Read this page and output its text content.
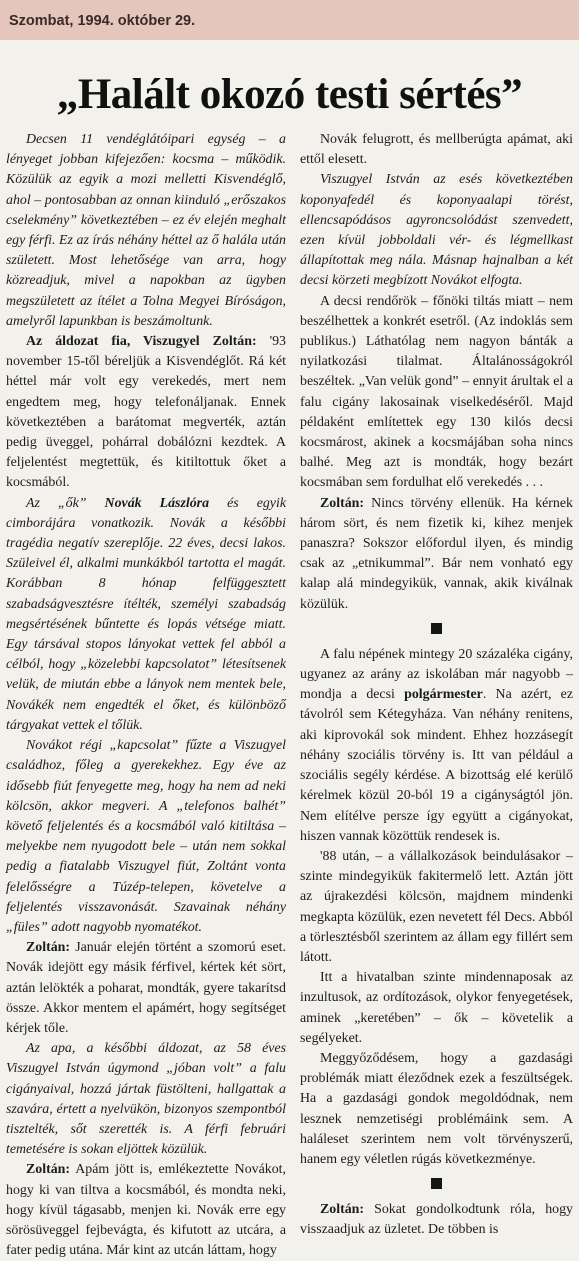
Szombat, 1994. október 29.
„Halált okozó testi sértés”

Decsen 11 vendéglátóipari egység – a lényeget jobban kifejezően: kocsma – működik. Közülük az egyik a mozi melletti Kisvendéglő, ahol – pontosabban az onnan kiinduló „erőszakos cselekmény” következtében – ez év elején meghalt egy férfi. Ez az írás néhány héttel az ő halála után született. Most lehetősége van arra, hogy közreadjuk, mivel a napokban az ügyben megszületett az ítélet a Tolna Megyei Bíróságon, amelyről lapunkban is beszámoltunk.

Az áldozat fia, Viszugyel Zoltán: '93 november 15-től béreljük a Kisvendéglőt. Rá két héttel már volt egy verekedés, mert nem engedtem meg, hogy telefonáljanak. Ennek következtében a barátomat megverték, aztán pedig üveggel, pohárral dobálózni kezdtek. A feljelentést megtettük, és kitiltottuk őket a kocsmából.

Az „ők” Novák Lászlóra és egyik cimborájára vonatkozik. Novák a későbbi tragédia negatív szereplője. 22 éves, decsi lakos. Szüleivel él, alkalmi munkákból tartotta el magát. Korábban 8 hónap felfüggesztett szabadságvesztésre ítélték, személyi szabadság megsértésének bűntette és lopás vétsége miatt. Egy társával stopos lányokat vettek fel abból a célból, hogy „közelebbi kapcsolatot” létesítsenek velük, de miután ebbe a lányok nem mentek bele, Novákék nem engedték el őket, és különböző tárgyakat vettek el tőlük.

Novákot régi „kapcsolat” fűzte a Viszugyel családhoz, főleg a gyerekekhez. Egy éve az idősebb fiút fenyegette meg, hogy ha nem ad neki kölcsön, akkor megveri. A „telefonos balhét” követő feljelentés és a kocsmából való kitiltása – melyekbe nem nyugodott bele – után nem sokkal pedig a fiatalabb Viszugyel fiút, Zoltánt vonta felelősségre a Túzép-telepen, követelve a feljelentés visszavonását. Szavainak néhány „füles” adott nagyobb nyomatékot.

Zoltán: Január elején történt a szomorú eset. Novák idejött egy másik férfivel, kértek két sört, aztán lelökték a poharat, mondták, gyere takarítsd össze. Akkor mentem el apámért, hogy segítséget kérjek tőle.

Az apa, a későbbi áldozat, az 58 éves Viszugyel István úgymond „jóban volt” a falu cigányaival, hozzá jártak füstölteni, hallgattak a szavára, értett a nyelvükön, bizonyos szempontból tisztelték, sőt szerették is. A férfi februári temetésére is sokan eljöttek közülük.

Zoltán: Apám jött is, emlékeztette Novákot, hogy ki van tiltva a kocsmából, és mondta neki, hogy kívül tágasabb, menjen ki. Novák erre egy sörösüveggel fejbevágta, és kifutott az utcára, a fater pedig utána. Már kint az utcán láttam, hogy

Novák felugrott, és mellberúgta apámat, aki ettől elesett.

Viszugyel István az esés következtében koponyafedél és koponyaalapi törést, ellencsapódásos agyroncsolódást szenvedett, ezen kívül jobboldali vér- és légmellkast állapítottak meg nála. Másnap hajnalban a két decsi körzeti megbízott Novákot elfogta.

A decsi rendőrök – főnöki tiltás miatt – nem beszélhettek a konkrét esetről. (Az indoklás sem publikus.) Láthatólag nem nagyon bánták a nyilatkozási tilalmat. Általánosságokról beszéltek. „Van velük gond” – ennyit árultak el a falu cigány lakosainak viselkedéséről. Majd példaként említettek egy 130 kilós decsi kocsmárost, akinek a kocsmájában soha nincs balhé. Meg azt is mondták, hogy bezárt kocsmában sem fordulhat elő verekedés . . .

Zoltán: Nincs törvény ellenük. Ha kérnek három sört, és nem fizetik ki, kihez menjek panaszra? Sokszor előfordul ilyen, és mindig csak az „etnikummal”. Bár nem vonható egy kalap alá mindegyikük, vannak, akik kiválnak közülük.

A falu népének mintegy 20 százaléka cigány, ugyanez az arány az iskolában már nagyobb – mondja a decsi polgármester. Na azért, ez távolról sem Kétegyháza. Van néhány renitens, aki kiprovokál sok mindent. Ehhez hozzásegít néhány szociális törvény is. Itt van például a szociális segély kérdése. A bizottság elé kerülő kérelmek közül 20-ból 19 a cigányságtól jön. Nem elítélve persze így együtt a cigányokat, hiszen vannak közöttük rendesek is.

'88 után, – a vállalkozások beindulásakor – szinte mindegyikük fakitermelő lett. Aztán jött az újrakezdési kölcsön, majdnem mindenki megkapta közülük, ezen nevetett fél Decs. Abból a törlesztésből szerintem az állam egy fillért sem látott.

Itt a hivatalban szinte mindennaposak az inzultusok, az ordítozások, olykor fenyegetések, aminek „keretében” – ők – követelik a segélyeket.

Meggyőződésem, hogy a gazdasági problémák miatt éleződnek ezek a feszültségek. Ha a gazdasági gondok megoldódnak, nem lesznek nemzetiségi problémáink sem. A haláleset szerintem nem volt törvényszerű, hanem egy véletlen rúgás következménye.

Zoltán: Sokat gondolkodtunk róla, hogy visszaadjuk az üzletet. De többen is
